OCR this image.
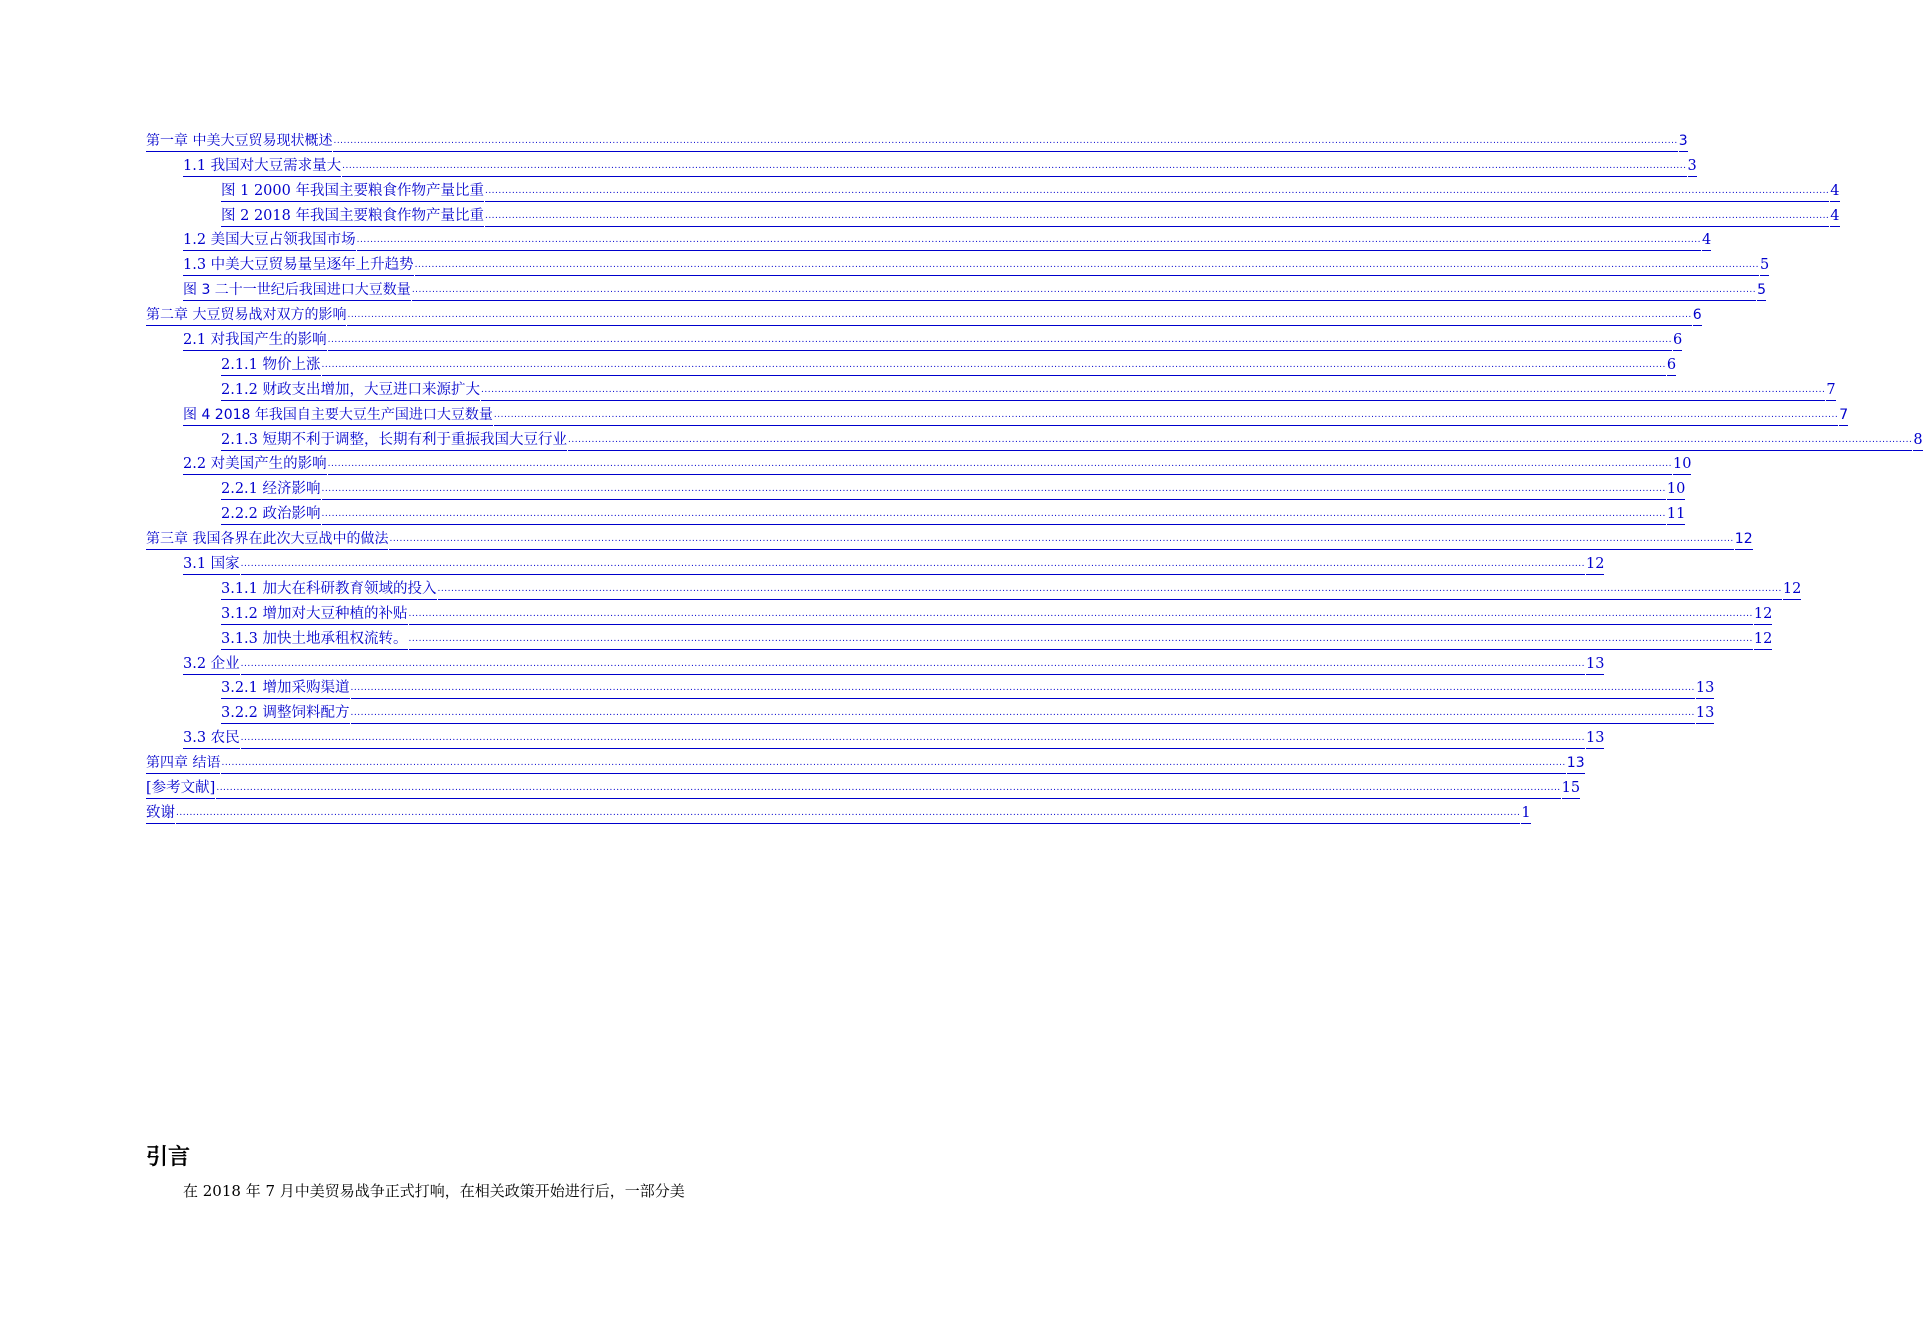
第一章 中美大豆贸易现状概述 ................................................................................................................................................................................................................................................................................................................................................................................................................ 3
1.1 我国对大豆需求量大 ................................................................................................................................................................................................................................................................................................................................................................................................................ 3
图 1 2000 年我国主要粮食作物产量比重 ................................................................................................................................................................................................................................................................................................................................................................................................................ 4
图 2 2018 年我国主要粮食作物产量比重 ................................................................................................................................................................................................................................................................................................................................................................................................................ 4
1.2 美国大豆占领我国市场 ................................................................................................................................................................................................................................................................................................................................................................................................................ 4
1.3 中美大豆贸易量呈逐年上升趋势 ................................................................................................................................................................................................................................................................................................................................................................................................................ 5
图 3 二十一世纪后我国进口大豆数量 ................................................................................................................................................................................................................................................................................................................................................................................................................ 5
第二章 大豆贸易战对双方的影响 ................................................................................................................................................................................................................................................................................................................................................................................................................ 6
2.1 对我国产生的影响 ................................................................................................................................................................................................................................................................................................................................................................................................................ 6
2.1.1 物价上涨 ................................................................................................................................................................................................................................................................................................................................................................................................................ 6
2.1.2 财政支出增加，大豆进口来源扩大 ................................................................................................................................................................................................................................................................................................................................................................................................................ 7
图 4 2018 年我国自主要大豆生产国进口大豆数量 ................................................................................................................................................................................................................................................................................................................................................................................................................ 7
2.1.3 短期不利于调整，长期有利于重振我国大豆行业 ................................................................................................................................................................................................................................................................................................................................................................................................................ 8
2.2 对美国产生的影响 ................................................................................................................................................................................................................................................................................................................................................................................................................ 10
2.2.1 经济影响 ................................................................................................................................................................................................................................................................................................................................................................................................................ 10
2.2.2 政治影响 ................................................................................................................................................................................................................................................................................................................................................................................................................ 11
第三章 我国各界在此次大豆战中的做法 ................................................................................................................................................................................................................................................................................................................................................................................................................ 12
3.1 国家 ................................................................................................................................................................................................................................................................................................................................................................................................................ 12
3.1.1 加大在科研教育领域的投入 ................................................................................................................................................................................................................................................................................................................................................................................................................ 12
3.1.2 增加对大豆种植的补贴 ................................................................................................................................................................................................................................................................................................................................................................................................................ 12
3.1.3 加快土地承租权流转。 ................................................................................................................................................................................................................................................................................................................................................................................................................ 12
3.2 企业 ................................................................................................................................................................................................................................................................................................................................................................................................................ 13
3.2.1 增加采购渠道 ................................................................................................................................................................................................................................................................................................................................................................................................................ 13
3.2.2 调整饲料配方 ................................................................................................................................................................................................................................................................................................................................................................................................................ 13
3.3 农民 ................................................................................................................................................................................................................................................................................................................................................................................................................ 13
第四章 结语 ................................................................................................................................................................................................................................................................................................................................................................................................................ 13
[参考文献] ................................................................................................................................................................................................................................................................................................................................................................................................................ 15
致谢 ................................................................................................................................................................................................................................................................................................................................................................................................................ 1
引言

在 2018 年 7 月中美贸易战争正式打响，在相关政策开始进行后，一部分美
